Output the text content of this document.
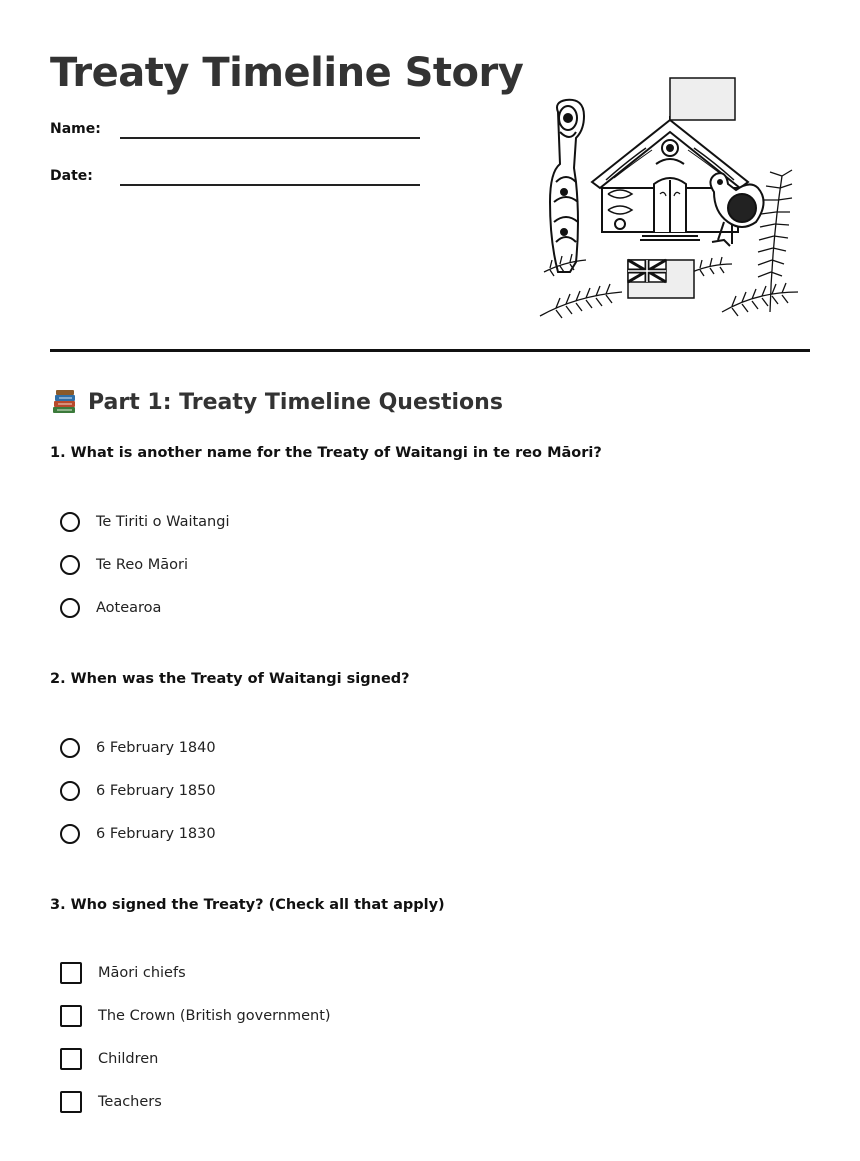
Treaty Timeline Story
Name:
Date:
Part 1: Treaty Timeline Questions

1. What is another name for the Treaty of Waitangi in te reo Māori?

Te Tiriti o Waitangi
Te Reo Māori
Aotearoa

2. When was the Treaty of Waitangi signed?

6 February 1840
6 February 1850
6 February 1830

3. Who signed the Treaty? (Check all that apply)

Māori chiefs
The Crown (British government)
Children
Teachers
